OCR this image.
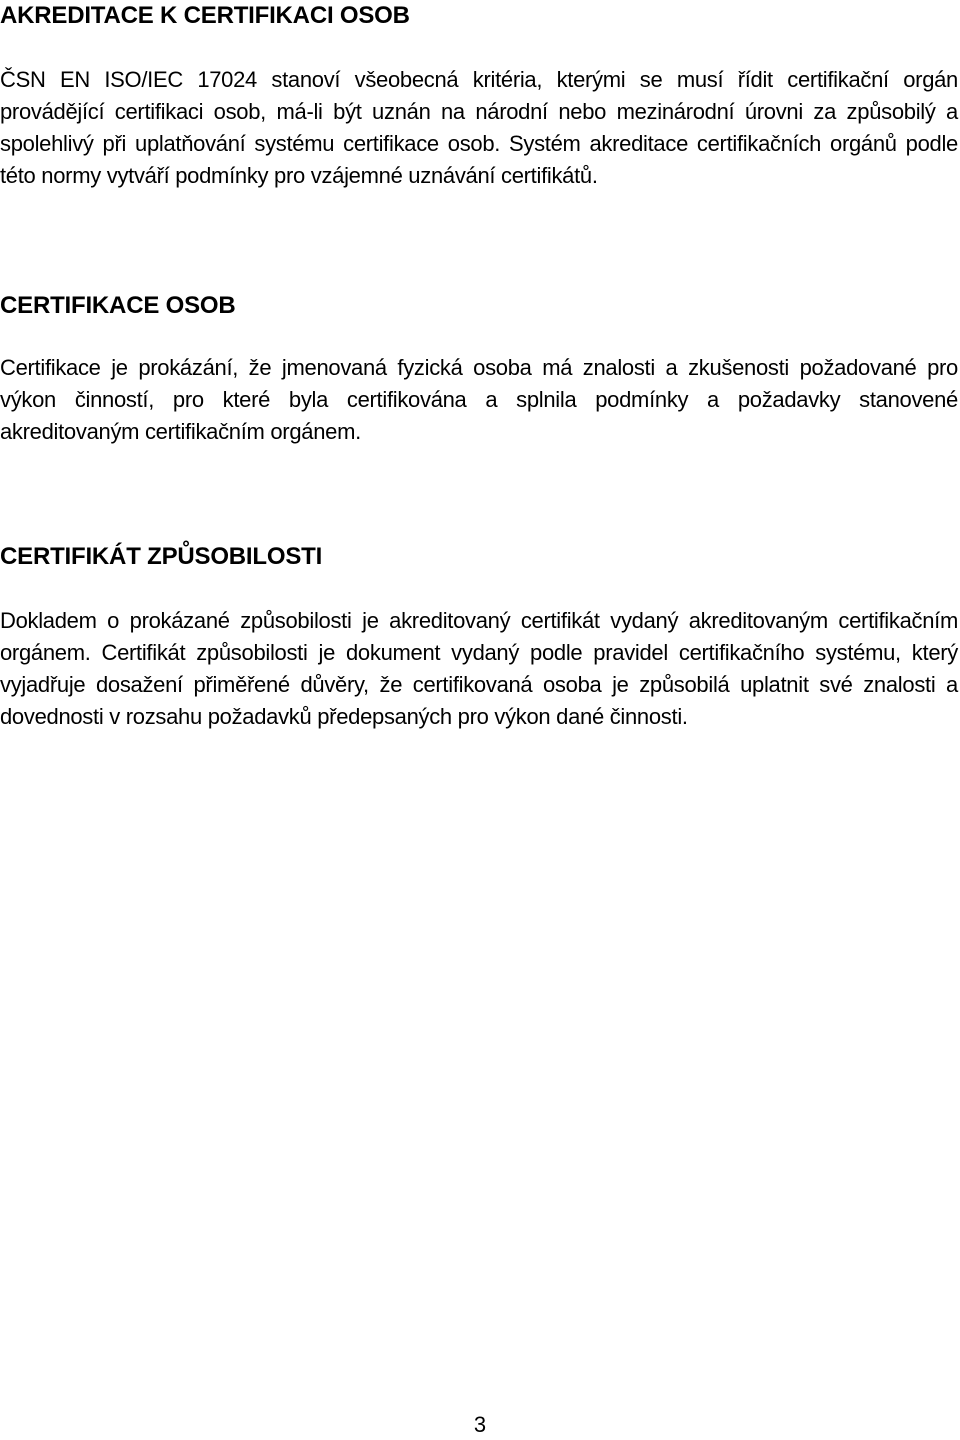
AKREDITACE K CERTIFIKACI OSOB

ČSN EN ISO/IEC 17024 stanoví všeobecná kritéria, kterými se musí řídit certifikační orgán provádějící certifikaci osob, má-li být uznán na národní nebo mezinárodní úrovni za způsobilý a spolehlivý při uplatňování systému certifikace osob. Systém akreditace certifikačních orgánů podle této normy vytváří podmínky pro vzájemné uznávání certifikátů.

CERTIFIKACE OSOB

Certifikace je prokázání, že jmenovaná fyzická osoba má znalosti a zkušenosti požadované pro výkon činností, pro které byla certifikována a splnila podmínky a požadavky stanovené akreditovaným certifikačním orgánem.

CERTIFIKÁT ZPŮSOBILOSTI

Dokladem o prokázané způsobilosti je akreditovaný certifikát vydaný akreditovaným certifikačním orgánem. Certifikát způsobilosti je dokument vydaný podle pravidel certifikačního systému, který vyjadřuje dosažení přiměřené důvěry, že certifikovaná osoba je způsobilá uplatnit své znalosti a dovednosti v rozsahu požadavků předepsaných pro výkon dané činnosti.

3
